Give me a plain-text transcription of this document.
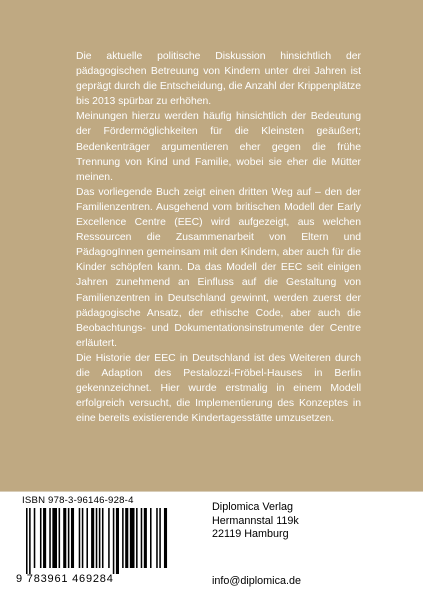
Die aktuelle politische Diskussion hinsichtlich der pädagogischen Betreuung von Kindern unter drei Jahren ist geprägt durch die Entscheidung, die Anzahl der Krippenplätze bis 2013 spürbar zu erhöhen.

Meinungen hierzu werden häufig hinsichtlich der Bedeutung der Fördermöglichkeiten für die Kleinsten geäußert; Bedenkenträger argumentieren eher gegen die frühe Trennung von Kind und Familie, wobei sie eher die Mütter meinen.

Das vorliegende Buch zeigt einen dritten Weg auf – den der Familienzentren. Ausgehend vom britischen Modell der Early Excellence Centre (EEC) wird aufgezeigt, aus welchen Ressourcen die Zusammenarbeit von Eltern und PädagogInnen gemeinsam mit den Kindern, aber auch für die Kinder schöpfen kann. Da das Modell der EEC seit einigen Jahren zunehmend an Einfluss auf die Gestaltung von Familienzentren in Deutschland gewinnt, werden zuerst der pädagogische Ansatz, der ethische Code, aber auch die Beobachtungs- und Dokumentationsinstrumente der Centre erläutert.

Die Historie der EEC in Deutschland ist des Weiteren durch die Adaption des Pestalozzi-Fröbel-Hauses in Berlin gekennzeichnet. Hier wurde erstmalig in einem Modell erfolgreich versucht, die Implementierung des Konzeptes in eine bereits existierende Kindertagesstätte umzusetzen.

ISBN 978-3-96146-928-4
9 783961 469284
Diplomica Verlag
Hermannstal 119k
22119 Hamburg
info@diplomica.de
